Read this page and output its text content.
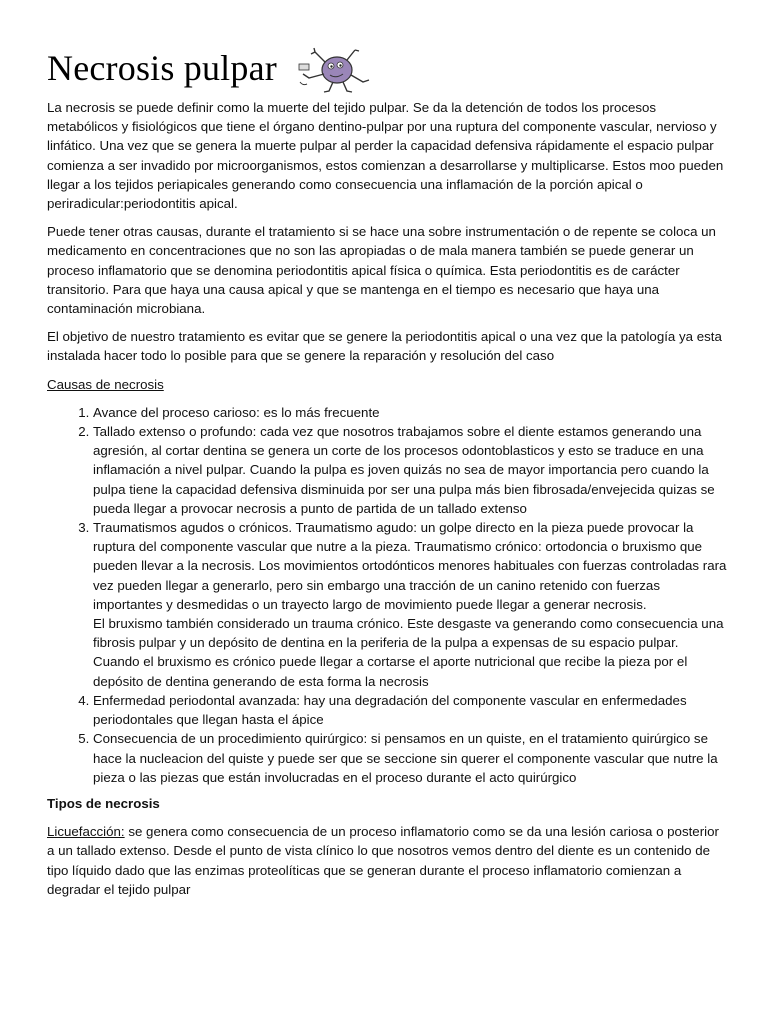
Necrosis pulpar

La necrosis se puede definir como la muerte del tejido pulpar. Se da la detención de todos los procesos metabólicos y fisiológicos que tiene el órgano dentino-pulpar por una ruptura del componente vascular, nervioso y linfático. Una vez que se genera la muerte pulpar al perder la capacidad defensiva rápidamente el espacio pulpar comienza a ser invadido por microorganismos, estos comienzan a desarrollarse y multiplicarse. Estos moo pueden llegar a los tejidos periapicales generando como consecuencia una inflamación de la porción apical o periradicular:periodontitis apical.

Puede tener otras causas, durante el tratamiento si se hace una sobre instrumentación o de repente se coloca un medicamento en concentraciones que no son las apropiadas o de mala manera también se puede generar un proceso inflamatorio que se denomina periodontitis apical física o química. Esta periodontitis es de carácter transitorio. Para que haya una causa apical y que se mantenga en el tiempo es necesario que haya una contaminación microbiana.

El objetivo de nuestro tratamiento es evitar que se genere la periodontitis apical o una vez que la patología ya esta instalada hacer todo lo posible para que se genere la reparación y resolución del caso

Causas de necrosis

1. Avance del proceso carioso: es lo más frecuente
2. Tallado extenso o profundo: cada vez que nosotros trabajamos sobre el diente estamos generando una agresión, al cortar dentina se genera un corte de los procesos odontoblasticos y esto se traduce en una inflamación a nivel pulpar. Cuando la pulpa es joven quizás no sea de mayor importancia pero cuando la pulpa tiene la capacidad defensiva disminuida por ser una pulpa más bien fibrosada/envejecida quizas se pueda llegar a provocar necrosis a punto de partida de un tallado extenso
3. Traumatismos agudos o crónicos. Traumatismo agudo: un golpe directo en la pieza puede provocar la ruptura del componente vascular que nutre a la pieza. Traumatismo crónico: ortodoncia o bruxismo que pueden llevar a la necrosis. Los movimientos ortodónticos menores habituales con fuerzas controladas rara vez pueden llegar a generarlo, pero sin embargo una tracción de un canino retenido con fuerzas importantes y desmedidas o un trayecto largo de movimiento puede llegar a generar necrosis.
El bruxismo también considerado un trauma crónico. Este desgaste va generando como consecuencia una fibrosis pulpar y un depósito de dentina en la periferia de la pulpa a expensas de su espacio pulpar. Cuando el bruxismo es crónico puede llegar a cortarse el aporte nutricional que recibe la pieza por el depósito de dentina generando de esta forma la necrosis
4. Enfermedad periodontal avanzada: hay una degradación del componente vascular en enfermedades periodontales que llegan hasta el ápice
5. Consecuencia de un procedimiento quirúrgico: si pensamos en un quiste, en el tratamiento quirúrgico se hace la nucleacion del quiste y puede ser que se seccione sin querer el componente vascular que nutre la pieza o las piezas que están involucradas en el proceso durante el acto quirúrgico

Tipos de necrosis

Licuefacción: se genera como consecuencia de un proceso inflamatorio como se da una lesión cariosa o posterior a un tallado extenso. Desde el punto de vista clínico lo que nosotros vemos dentro del diente es un contenido de tipo líquido dado que las enzimas proteolíticas que se generan durante el proceso inflamatorio comienzan a degradar el tejido pulpar
